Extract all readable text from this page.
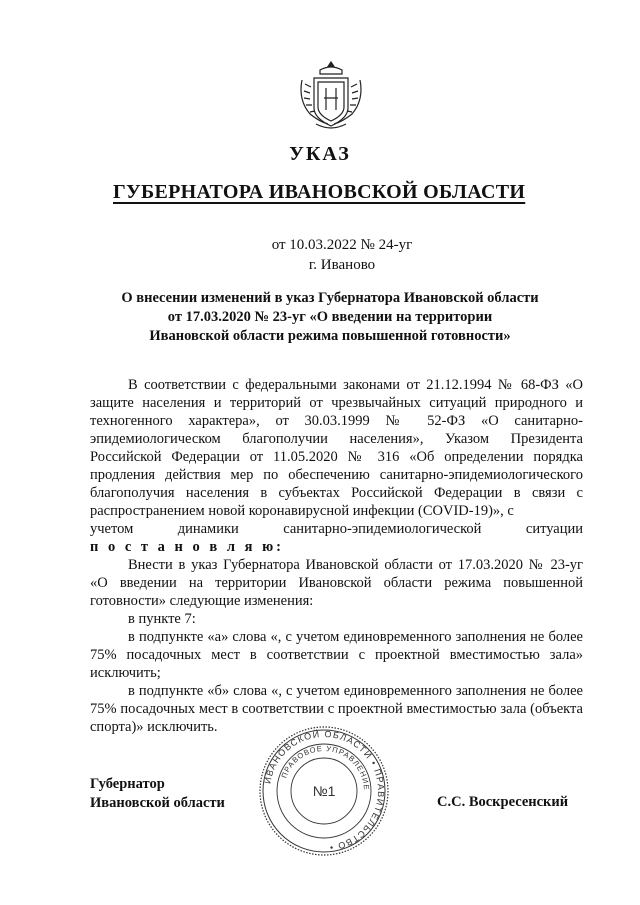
УКАЗ
ГУБЕРНАТОРА ИВАНОВСКОЙ ОБЛАСТИ
от 10.03.2022 № 24-уг
г. Иваново
О внесении изменений в указ Губернатора Ивановской области
от 17.03.2020 № 23-уг «О введении на территории
Ивановской области режима повышенной готовности»

В соответствии с федеральными законами от 21.12.1994 № 68-ФЗ «О защите населения и территорий от чрезвычайных ситуаций природного и техногенного характера», от 30.03.1999 № 52-ФЗ «О санитарно-эпидемиологическом благополучии населения», Указом Президента Российской Федерации от 11.05.2020 № 316 «Об определении порядка продления действия мер по обеспечению санитарно-эпидемиологического благополучия населения в субъектах Российской Федерации в связи с распространением новой коронавирусной инфекции (COVID-19)», с

учетом динамики санитарно-эпидемиологической ситуации

п о с т а н о в л я ю:

Внести в указ Губернатора Ивановской области от 17.03.2020 № 23-уг «О введении на территории Ивановской области режима повышенной готовности» следующие изменения:

в пункте 7:

в подпункте «а» слова «, с учетом единовременного заполнения не более 75% посадочных мест в соответствии с проектной вместимостью зала» исключить;

в подпункте «б» слова «, с учетом единовременного заполнения не более 75% посадочных мест в соответствии с проектной вместимостью зала (объекта спорта)» исключить.

Губернатор
Ивановской области	С.С. Воскресенский
ИВАНОВСКОЙ ОБЛАСТИ • ПРАВИТЕЛЬСТВО •
ПРАВОВОЕ УПРАВЛЕНИЕ
№1
